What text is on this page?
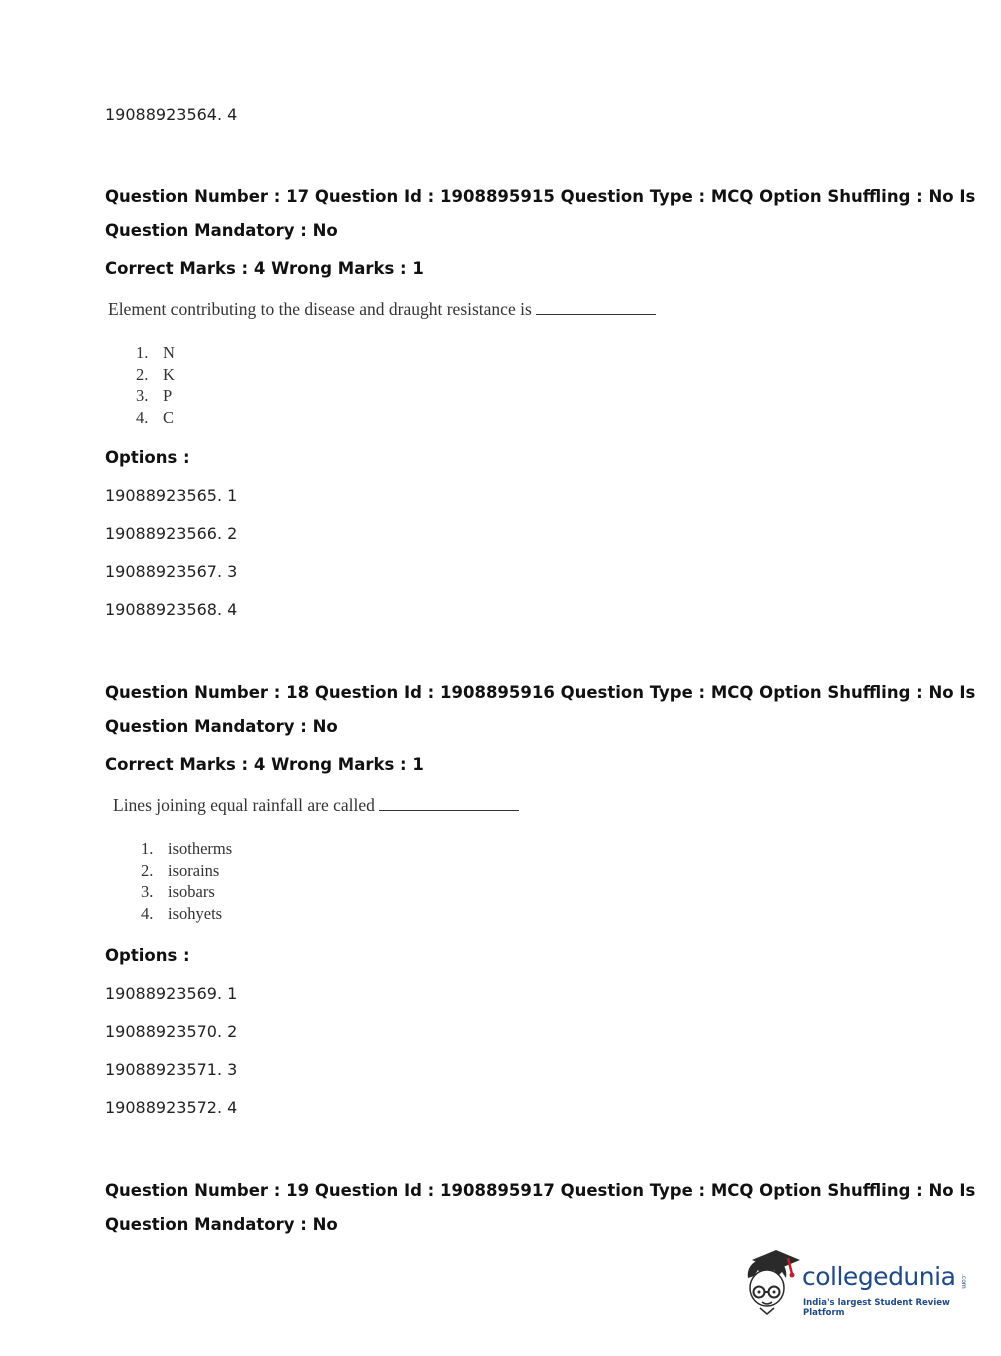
19088923564. 4
Question Number : 17 Question Id : 1908895915 Question Type : MCQ Option Shuffling : No Is
Question Mandatory : No
Correct Marks : 4 Wrong Marks : 1
Element contributing to the disease and draught resistance is
1. N
2. K
3. P
4. C
Options :
19088923565. 1
19088923566. 2
19088923567. 3
19088923568. 4
Question Number : 18 Question Id : 1908895916 Question Type : MCQ Option Shuffling : No Is
Question Mandatory : No
Correct Marks : 4 Wrong Marks : 1
Lines joining equal rainfall are called
1. isotherms
2. isorains
3. isobars
4. isohyets
Options :
19088923569. 1
19088923570. 2
19088923571. 3
19088923572. 4
Question Number : 19 Question Id : 1908895917 Question Type : MCQ Option Shuffling : No Is
Question Mandatory : No
collegedunia .com
India's largest Student Review Platform
